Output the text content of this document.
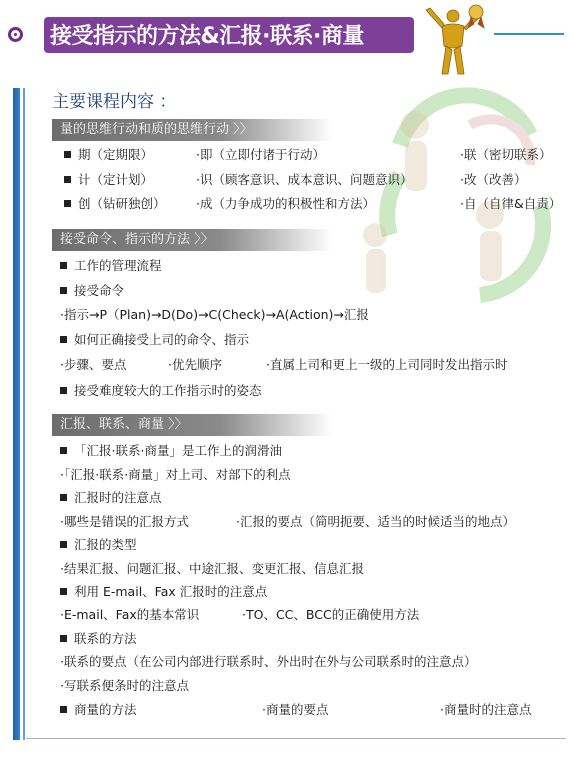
接受指示的方法&汇报·联系·商量
主要课程内容 ：
量的思维行动和质的思维行动 〉〉
期（定期限）	·即（立即付诸于行动）	·联（密切联系）
计（定计划）	·识（顾客意识、成本意识、问题意识）	·改（改善）
创（钻研独创） ·成（力争成功的积极性和方法）	·自（自律&自责）
接受命令、指示的方法 〉〉
工作的管理流程
接受命令
·指示→P（Plan)→D(Do)→C(Check)→A(Action)→汇报
如何正确接受上司的命令、指示
·步骤、要点	·优先顺序	·直属上司和更上一级的上司同时发出指示时
接受难度较大的工作指示时的姿态
汇报、联系、商量 〉〉
「汇报·联系·商量」是工作上的润滑油
·「汇报·联系·商量」对上司、对部下的利点
汇报时的注意点
·哪些是错误的汇报方式	·汇报的要点（简明扼要、适当的时候适当的地点）
汇报的类型
·结果汇报、问题汇报、中途汇报、变更汇报、信息汇报
利用 E-mail、Fax 汇报时的注意点
·E-mail、Fax的基本常识	·TO、CC、BCC的正确使用方法
联系的方法
·联系的要点（在公司内部进行联系时、外出时在外与公司联系时的注意点）
·写联系便条时的注意点
商量的方法	·商量的要点	·商量时的注意点
